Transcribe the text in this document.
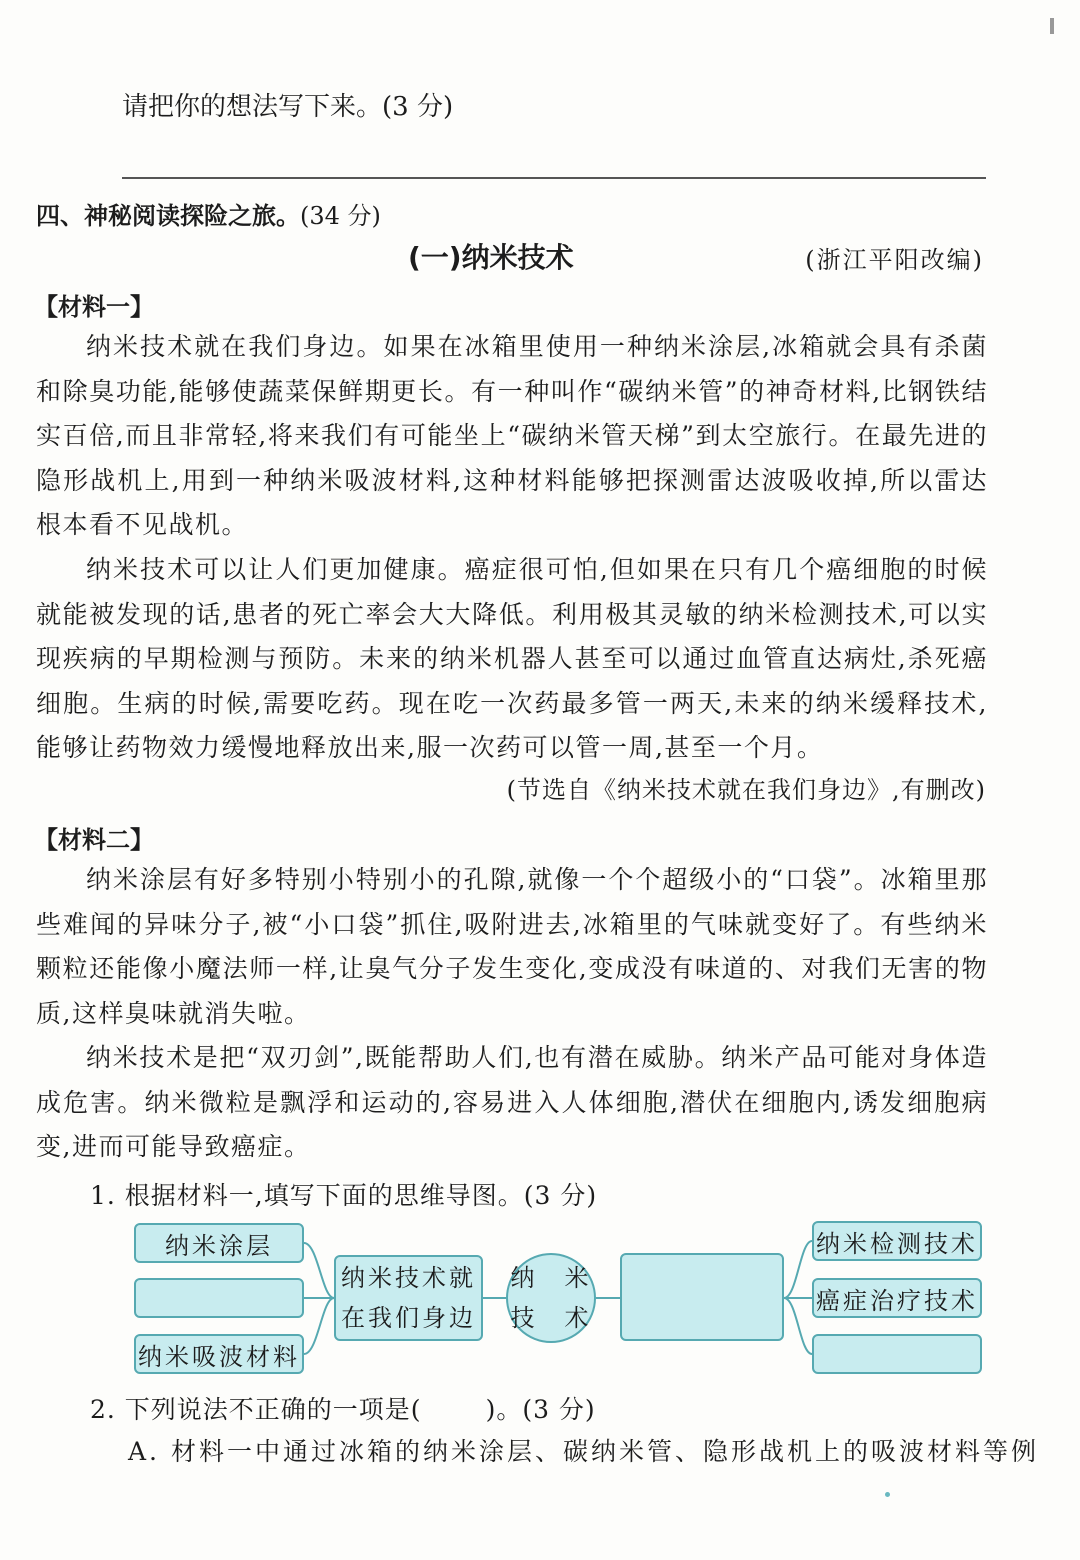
请把你的想法写下来。(3 分)
四、神秘阅读探险之旅。(34 分)
(一)纳米技术	(浙江平阳改编)
【材料一】

纳米技术就在我们身边。如果在冰箱里使用一种纳米涂层,冰箱就会具有杀菌和除臭功能,能够使蔬菜保鲜期更长。有一种叫作“碳纳米管”的神奇材料,比钢铁结实百倍,而且非常轻,将来我们有可能坐上“碳纳米管天梯”到太空旅行。在最先进的隐形战机上,用到一种纳米吸波材料,这种材料能够把探测雷达波吸收掉,所以雷达根本看不见战机。

纳米技术可以让人们更加健康。癌症很可怕,但如果在只有几个癌细胞的时候就能被发现的话,患者的死亡率会大大降低。利用极其灵敏的纳米检测技术,可以实现疾病的早期检测与预防。未来的纳米机器人甚至可以通过血管直达病灶,杀死癌细胞。生病的时候,需要吃药。现在吃一次药最多管一两天,未来的纳米缓释技术,能够让药物效力缓慢地释放出来,服一次药可以管一周,甚至一个月。

(节选自《纳米技术就在我们身边》,有删改)
【材料二】

纳米涂层有好多特别小特别小的孔隙,就像一个个超级小的“口袋”。冰箱里那些难闻的异味分子,被“小口袋”抓住,吸附进去,冰箱里的气味就变好了。有些纳米颗粒还能像小魔法师一样,让臭气分子发生变化,变成没有味道的、对我们无害的物质,这样臭味就消失啦。

纳米技术是把“双刃剑”,既能帮助人们,也有潜在威胁。纳米产品可能对身体造成危害。纳米微粒是飘浮和运动的,容易进入人体细胞,潜伏在细胞内,诱发细胞病变,进而可能导致癌症。

1. 根据材料一,填写下面的思维导图。(3 分)
纳米涂层
纳米吸波材料
纳米技术就
在我们身边
纳  米
技  术
纳米检测技术
癌症治疗技术
2. 下列说法不正确的一项是(	)。(3 分)
A. 材料一中通过冰箱的纳米涂层、碳纳米管、隐形战机上的吸波材料等例
